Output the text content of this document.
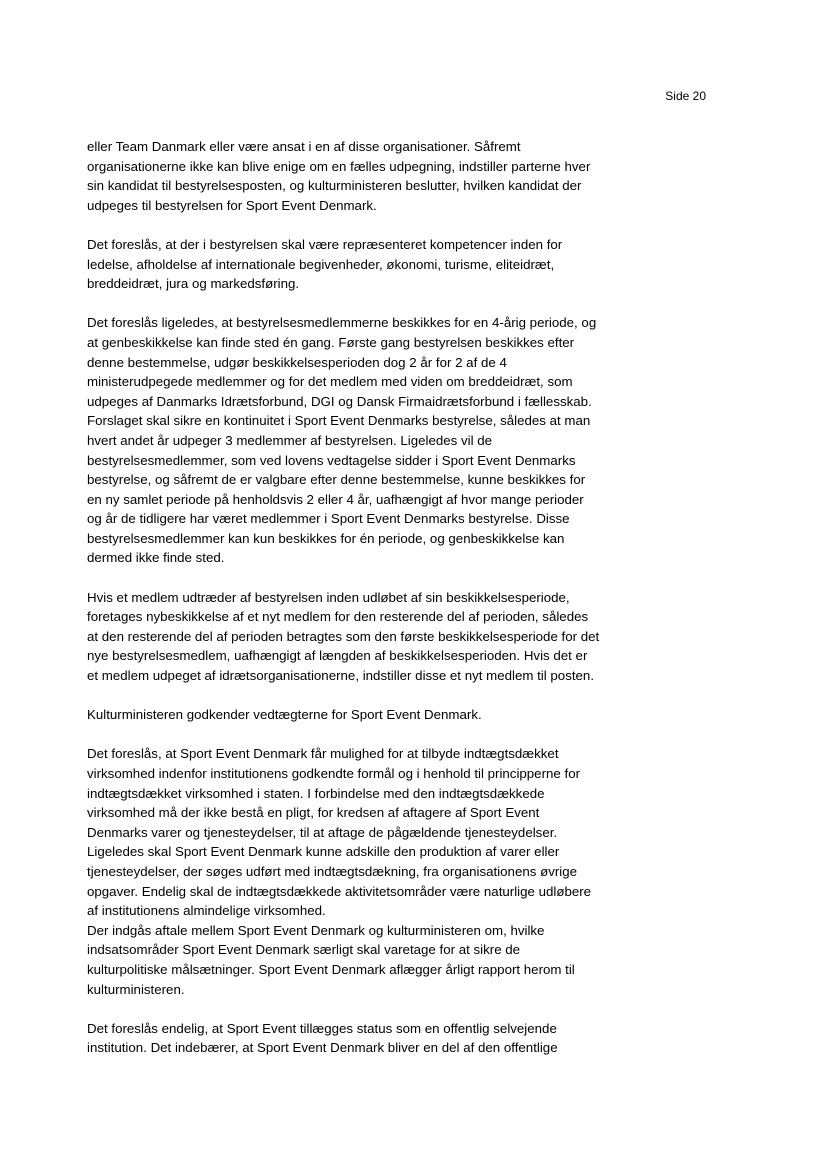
Side 20
eller Team Danmark eller være ansat i en af disse organisationer. Såfremt
organisationerne ikke kan blive enige om en fælles udpegning, indstiller parterne hver
sin kandidat til bestyrelsesposten, og kulturministeren beslutter, hvilken kandidat der
udpeges til bestyrelsen for Sport Event Denmark.
Det foreslås, at der i bestyrelsen skal være repræsenteret kompetencer inden for
ledelse, afholdelse af internationale begivenheder, økonomi, turisme, eliteidræt,
breddeidræt, jura og markedsføring.
Det foreslås ligeledes, at bestyrelsesmedlemmerne beskikkes for en 4-årig periode, og
at genbeskikkelse kan finde sted én gang. Første gang bestyrelsen beskikkes efter
denne bestemmelse, udgør beskikkelsesperioden dog 2 år for 2 af de 4
ministerudpegede medlemmer og for det medlem med viden om breddeidræt, som
udpeges af Danmarks Idrætsforbund, DGI og Dansk Firmaidrætsforbund i fællesskab.
Forslaget skal sikre en kontinuitet i Sport Event Denmarks bestyrelse, således at man
hvert andet år udpeger 3 medlemmer af bestyrelsen. Ligeledes vil de
bestyrelsesmedlemmer, som ved lovens vedtagelse sidder i Sport Event Denmarks
bestyrelse, og såfremt de er valgbare efter denne bestemmelse, kunne beskikkes for
en ny samlet periode på henholdsvis 2 eller 4 år, uafhængigt af hvor mange perioder
og år de tidligere har været medlemmer i Sport Event Denmarks bestyrelse. Disse
bestyrelsesmedlemmer kan kun beskikkes for én periode, og genbeskikkelse kan
dermed ikke finde sted.
Hvis et medlem udtræder af bestyrelsen inden udløbet af sin beskikkelsesperiode,
foretages nybeskikkelse af et nyt medlem for den resterende del af perioden, således
at den resterende del af perioden betragtes som den første beskikkelsesperiode for det
nye bestyrelsesmedlem, uafhængigt af længden af beskikkelsesperioden. Hvis det er
et medlem udpeget af idrætsorganisationerne, indstiller disse et nyt medlem til posten.
Kulturministeren godkender vedtægterne for Sport Event Denmark.
Det foreslås, at Sport Event Denmark får mulighed for at tilbyde indtægtsdækket
virksomhed indenfor institutionens godkendte formål og i henhold til principperne for
indtægtsdækket virksomhed i staten. I forbindelse med den indtægtsdækkede
virksomhed må der ikke bestå en pligt, for kredsen af aftagere af Sport Event
Denmarks varer og tjenesteydelser, til at aftage de pågældende tjenesteydelser.
Ligeledes skal Sport Event Denmark kunne adskille den produktion af varer eller
tjenesteydelser, der søges udført med indtægtsdækning, fra organisationens øvrige
opgaver. Endelig skal de indtægtsdækkede aktivitetsområder være naturlige udløbere
af institutionens almindelige virksomhed.
Der indgås aftale mellem Sport Event Denmark og kulturministeren om, hvilke
indsatsområder Sport Event Denmark særligt skal varetage for at sikre de
kulturpolitiske målsætninger. Sport Event Denmark aflægger årligt rapport herom til
kulturministeren.
Det foreslås endelig, at Sport Event tillægges status som en offentlig selvejende
institution. Det indebærer, at Sport Event Denmark bliver en del af den offentlige
